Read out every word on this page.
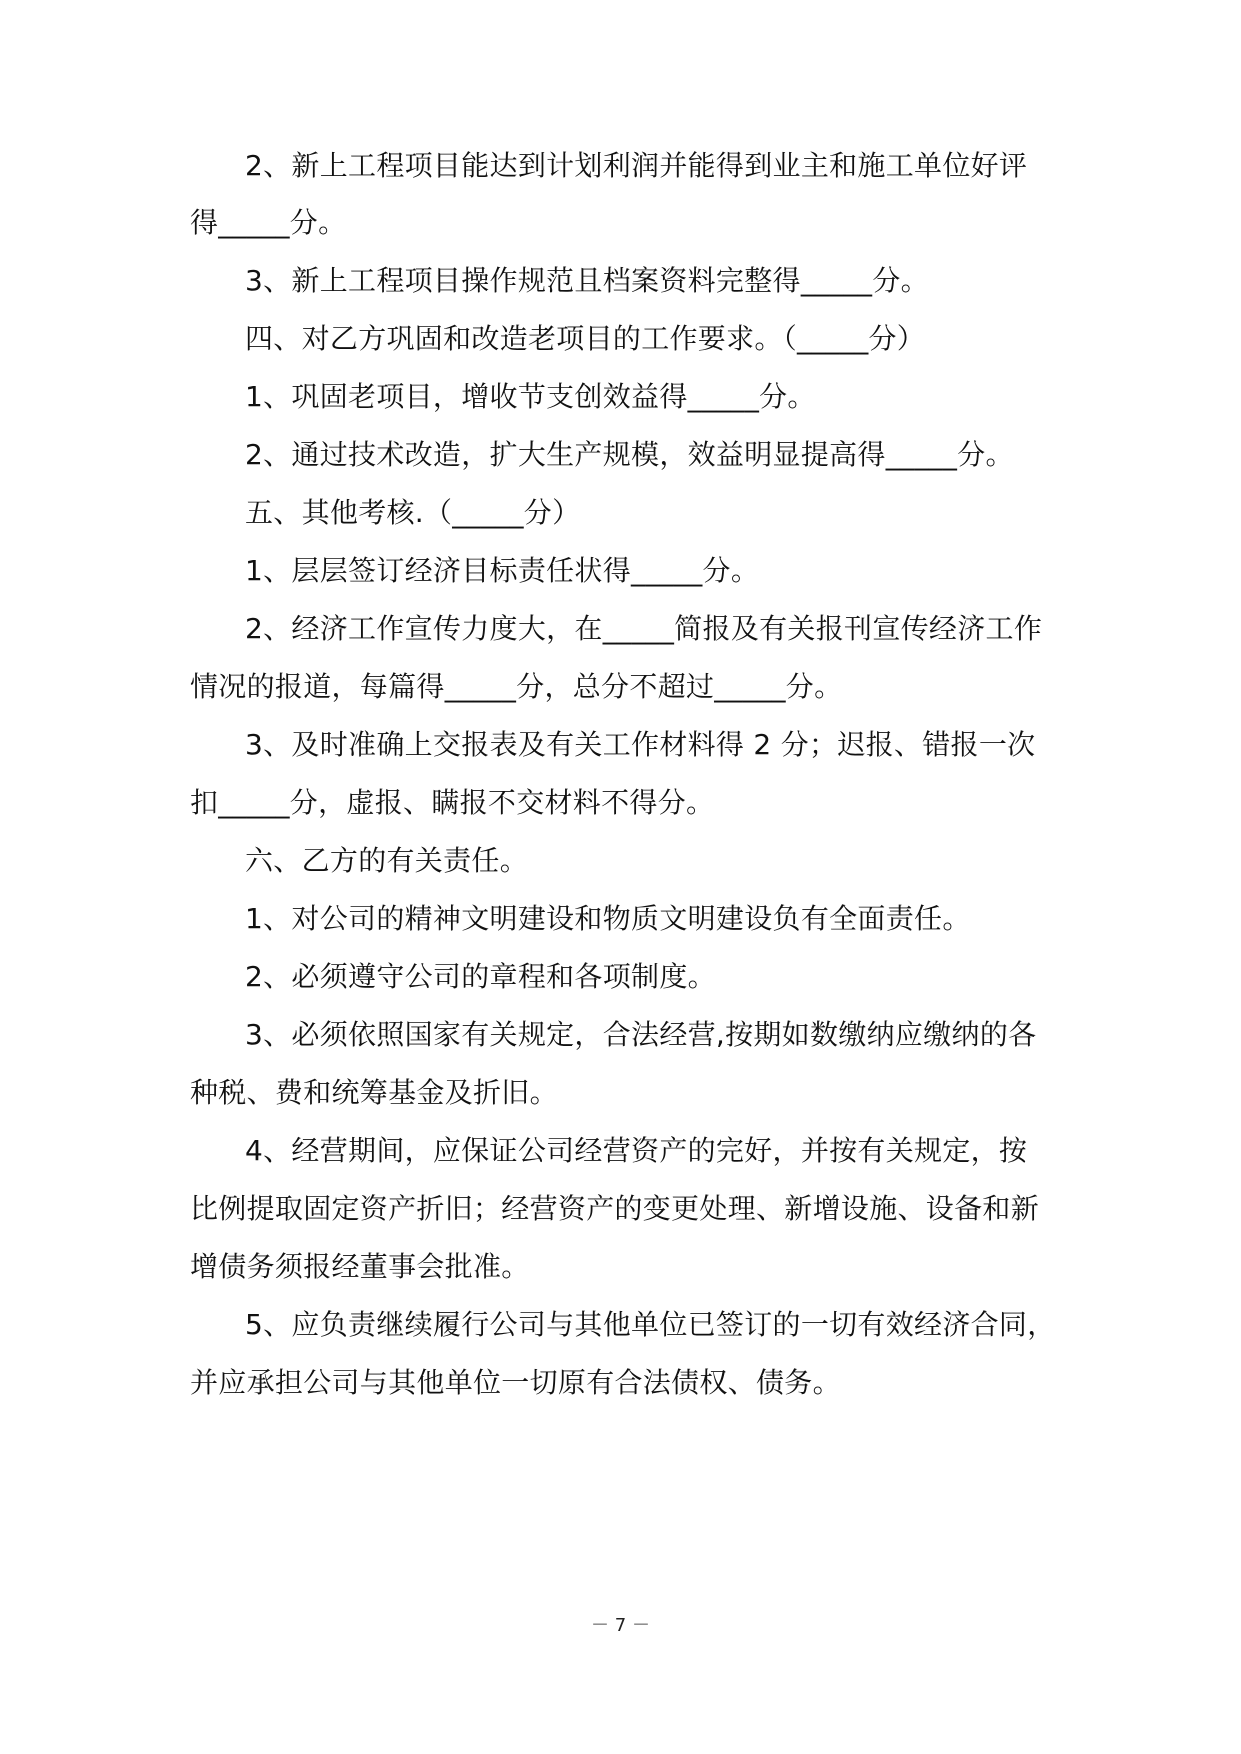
2、新上工程项目能达到计划利润并能得到业主和施工单位好评
得_____分。
3、新上工程项目操作规范且档案资料完整得_____分。
四、对乙方巩固和改造老项目的工作要求。（_____分）
1、巩固老项目，增收节支创效益得_____分。
2、通过技术改造，扩大生产规模，效益明显提高得_____分。
五、其他考核.（_____分）
1、层层签订经济目标责任状得_____分。
2、经济工作宣传力度大，在_____简报及有关报刊宣传经济工作
情况的报道，每篇得_____分，总分不超过_____分。
3、及时准确上交报表及有关工作材料得 2 分；迟报、错报一次
扣_____分，虚报、瞒报不交材料不得分。
六、乙方的有关责任。
1、对公司的精神文明建设和物质文明建设负有全面责任。
2、必须遵守公司的章程和各项制度。
3、必须依照国家有关规定，合法经营,按期如数缴纳应缴纳的各
种税、费和统筹基金及折旧。
4、经营期间，应保证公司经营资产的完好，并按有关规定，按
比例提取固定资产折旧；经营资产的变更处理、新增设施、设备和新
增债务须报经董事会批准。
5、应负责继续履行公司与其他单位已签订的一切有效经济合同，
并应承担公司与其他单位一切原有合法债权、债务。
－ 7 －
